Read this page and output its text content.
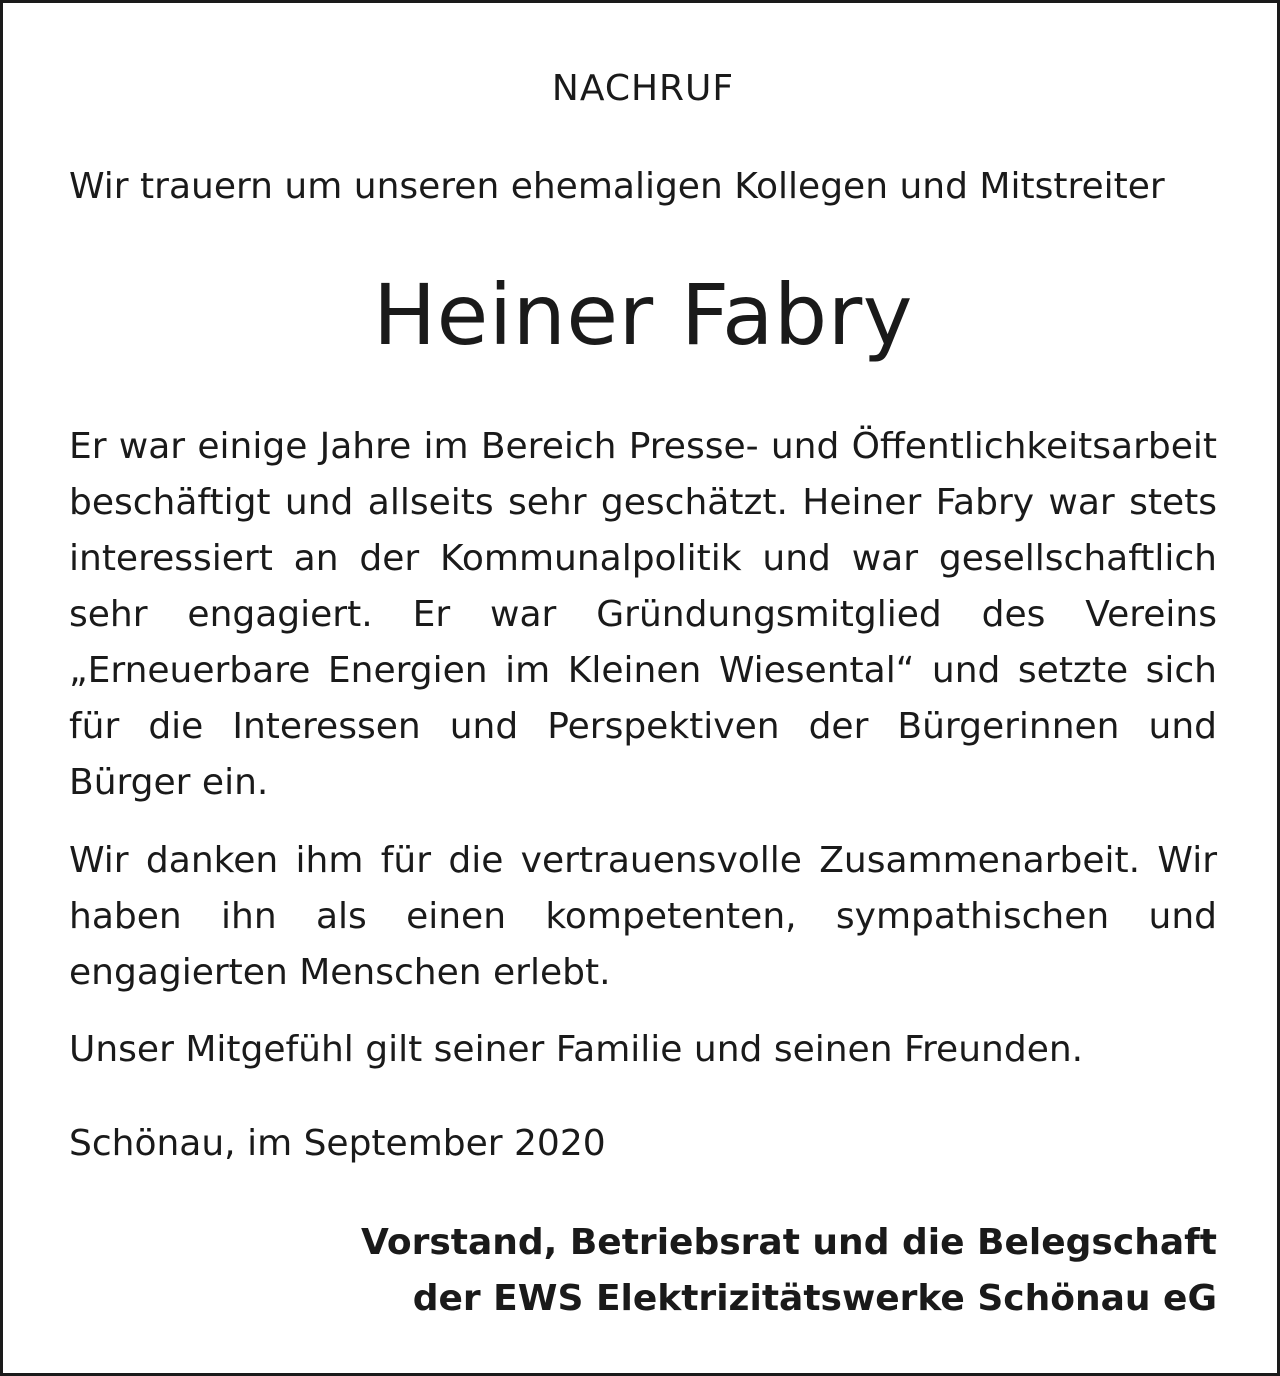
NACHRUF
Wir trauern um unseren ehemaligen Kollegen und Mitstreiter
Heiner Fabry

Er war einige Jahre im Bereich Presse- und Öffentlichkeitsarbeit beschäftigt und allseits sehr geschätzt. Heiner Fabry war stets interessiert an der Kommunalpolitik und war gesellschaftlich sehr engagiert. Er war Gründungsmitglied des Vereins „Erneuerbare Energien im Kleinen Wiesental“ und setzte sich für die Interessen und Perspektiven der Bürgerinnen und Bürger ein.

Wir danken ihm für die vertrauensvolle Zusammenarbeit. Wir haben ihn als einen kompetenten, sympathischen und engagierten Menschen erlebt.

Unser Mitgefühl gilt seiner Familie und seinen Freunden.

Schönau, im September 2020
Vorstand, Betriebsrat und die Belegschaft
der EWS Elektrizitätswerke Schönau eG
